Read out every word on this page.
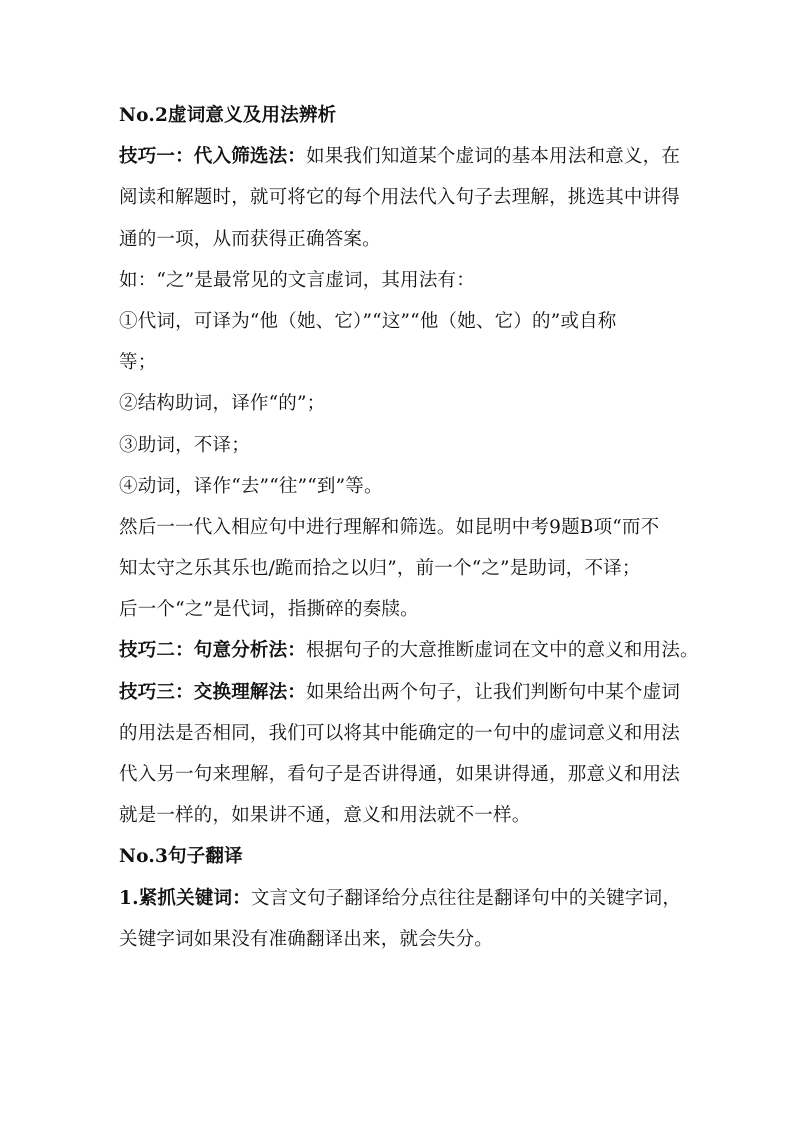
No.2虚词意义及用法辨析
技巧一：代入筛选法：如果我们知道某个虚词的基本用法和意义，在
阅读和解题时，就可将它的每个用法代入句子去理解，挑选其中讲得
通的一项，从而获得正确答案。
如：“之”是最常见的文言虚词，其用法有：
①代词，可译为“他（她、它）”“这”“他（她、它）的”或自称
等；
②结构助词，译作“的”；
③助词，不译；
④动词，译作“去”“往”“到”等。
然后一一代入相应句中进行理解和筛选。如昆明中考9题B项“而不
知太守之乐其乐也/跪而拾之以归”，前一个“之”是助词，不译；
后一个“之”是代词，指撕碎的奏牍。
技巧二：句意分析法：根据句子的大意推断虚词在文中的意义和用法。
技巧三：交换理解法：如果给出两个句子，让我们判断句中某个虚词
的用法是否相同，我们可以将其中能确定的一句中的虚词意义和用法
代入另一句来理解，看句子是否讲得通，如果讲得通，那意义和用法
就是一样的，如果讲不通，意义和用法就不一样。
No.3句子翻译
1.紧抓关键词：文言文句子翻译给分点往往是翻译句中的关键字词，
关键字词如果没有准确翻译出来，就会失分。
